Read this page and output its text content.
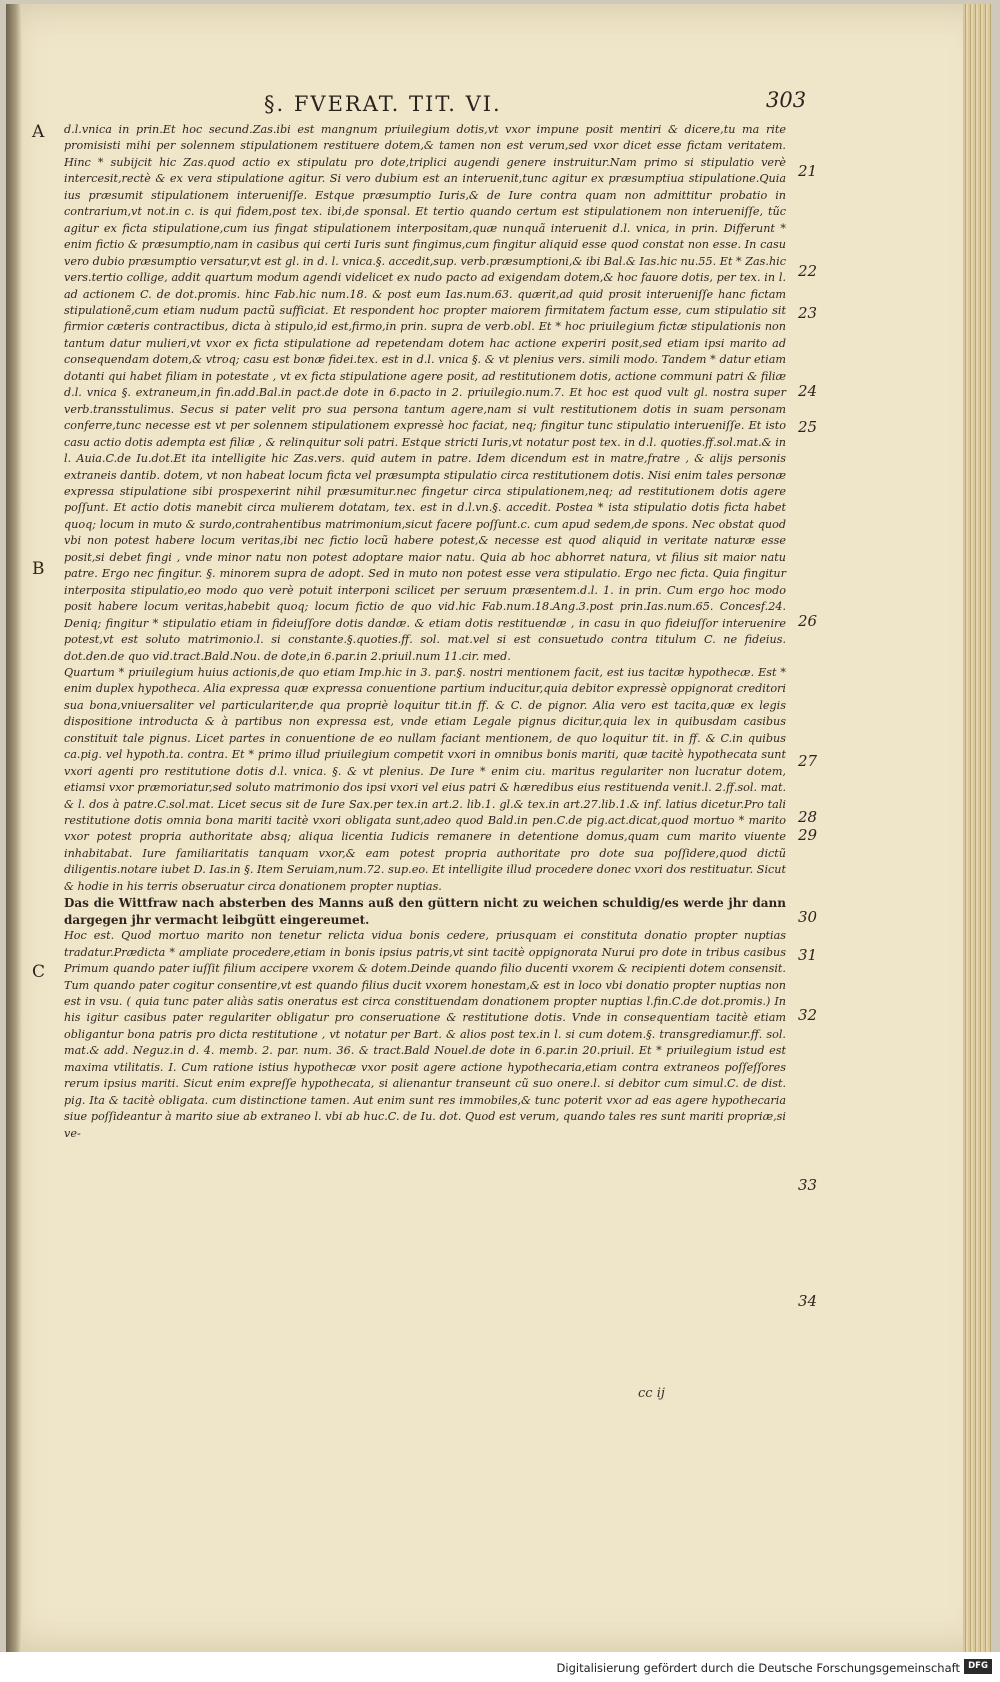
§. FVERAT. TIT. VI.	303
A
B
C
21
22
23
24
25
26
27
28
29
30
31
32
33
34

d.l.vnica in prin.Et hoc secund.Zas.ibi est mangnum priuilegium dotis,vt vxor impune posit mentiri & dicere,tu ma rite promisisti mihi per solennem stipulationem restituere dotem,& tamen non est verum,sed vxor dicet esse fictam veritatem. Hinc * subijcit hic Zas.quod actio ex stipulatu pro dote,triplici augendi genere instruitur.Nam primo si stipulatio verè intercesit,rectè & ex vera stipulatione agitur. Si vero dubium est an interuenit,tunc agitur ex præsumptiua stipulatione.Quia ius præsumit stipulationem interueniſſe. Estque præsumptio Iuris,& de Iure contra quam non admittitur probatio in contrarium,vt not.in c. is qui fidem,post tex. ibi,de sponsal. Et tertio quando certum est stipulationem non interueniſſe, tũc agitur ex ficta stipulatione,cum ius fingat stipulationem interpositam,quæ nunquã interuenit d.l. vnica, in prin. Differunt * enim fictio & præsumptio,nam in casibus qui certi Iuris sunt fingimus,cum fingitur aliquid esse quod constat non esse. In casu vero dubio præsumptio versatur,vt est gl. in d. l. vnica.§. accedit,sup. verb.præsumptioni,& ibi Bal.& Ias.hic nu.55. Et * Zas.hic vers.tertio collige, addit quartum modum agendi videlicet ex nudo pacto ad exigendam dotem,& hoc fauore dotis, per tex. in l. ad actionem C. de dot.promis. hinc Fab.hic num.18. & post eum Ias.num.63. quærit,ad quid prosit interueniſſe hanc fictam stipulationẽ,cum etiam nudum pactũ sufficiat. Et respondent hoc propter maiorem firmitatem factum esse, cum stipulatio sit firmior cæteris contractibus, dicta à stipulo,id est,firmo,in prin. supra de verb.obl. Et * hoc priuilegium fictæ stipulationis non tantum datur mulieri,vt vxor ex ficta stipulatione ad repetendam dotem hac actione experiri posit,sed etiam ipsi marito ad consequendam dotem,& vtroq; casu est bonæ fidei.tex. est in d.l. vnica §. & vt plenius vers. simili modo. Tandem * datur etiam dotanti qui habet filiam in potestate , vt ex ficta stipulatione agere posit, ad restitutionem dotis, actione communi patri & filiæ d.l. vnica §. extraneum,in fin.add.Bal.in pact.de dote in 6.pacto in 2. priuilegio.num.7. Et hoc est quod vult gl. nostra super verb.transstulimus. Secus si pater velit pro sua persona tantum agere,nam si vult restitutionem dotis in suam personam conferre,tunc necesse est vt per solennem stipulationem expressè hoc faciat, neq; fingitur tunc stipulatio interueniſſe. Et isto casu actio dotis adempta est filiæ , & relinquitur soli patri. Estque stricti Iuris,vt notatur post tex. in d.l. quoties.ff.sol.mat.& in l. Auia.C.de Iu.dot.Et ita intelligite hic Zas.vers. quid autem in patre. Idem dicendum est in matre,fratre , & alijs personis extraneis dantib. dotem, vt non habeat locum ficta vel præsumpta stipulatio circa restitutionem dotis. Nisi enim tales personæ expressa stipulatione sibi prospexerint nihil præsumitur.nec fingetur circa stipulationem,neq; ad restitutionem dotis agere poſſunt. Et actio dotis manebit circa mulierem dotatam, tex. est in d.l.vn.§. accedit. Postea * ista stipulatio dotis ficta habet quoq; locum in muto & surdo,contrahentibus matrimonium,sicut facere poſſunt.c. cum apud sedem,de spons. Nec obstat quod vbi non potest habere locum veritas,ibi nec fictio locũ habere potest,& necesse est quod aliquid in veritate naturæ esse posit,si debet fingi , vnde minor natu non potest adoptare maior natu. Quia ab hoc abhorret natura, vt filius sit maior natu patre. Ergo nec fingitur. §. minorem supra de adopt. Sed in muto non potest esse vera stipulatio. Ergo nec ficta. Quia fingitur interposita stipulatio,eo modo quo verè potuit interponi scilicet per seruum præsentem.d.l. 1. in prin. Cum ergo hoc modo posit habere locum veritas,habebit quoq; locum fictio de quo vid.hic Fab.num.18.Ang.3.post prin.Ias.num.65. Concesf.24. Deniq; fingitur * stipulatio etiam in fideiuſſore dotis dandæ. & etiam dotis restituendæ , in casu in quo fideiuſſor interuenire potest,vt est soluto matrimonio.l. si constante.§.quoties.ff. sol. mat.vel si est consuetudo contra titulum C. ne fideius. dot.den.de quo vid.tract.Bald.Nou. de dote,in 6.par.in 2.priuil.num 11.cir. med.

Quartum * priuilegium huius actionis,de quo etiam Imp.hic in 3. par.§. nostri mentionem facit, est ius tacitæ hypothecæ. Est * enim duplex hypotheca. Alia expressa quæ expressa conuentione partium inducitur,quia debitor expressè oppignorat creditori sua bona,vniuersaliter vel particulariter,de qua propriè loquitur tit.in ff. & C. de pignor. Alia vero est tacita,quæ ex legis dispositione introducta & à partibus non expressa est, vnde etiam Legale pignus dicitur,quia lex in quibusdam casibus constituit tale pignus. Licet partes in conuentione de eo nullam faciant mentionem, de quo loquitur tit. in ff. & C.in quibus ca.pig. vel hypoth.ta. contra. Et * primo illud priuilegium competit vxori in omnibus bonis mariti, quæ tacitè hypothecata sunt vxori agenti pro restitutione dotis d.l. vnica. §. & vt plenius. De Iure * enim ciu. maritus regulariter non lucratur dotem, etiamsi vxor præmoriatur,sed soluto matrimonio dos ipsi vxori vel eius patri & hæredibus eius restituenda venit.l. 2.ff.sol. mat. & l. dos à patre.C.sol.mat. Licet secus sit de Iure Sax.per tex.in art.2. lib.1. gl.& tex.in art.27.lib.1.& inf. latius dicetur.Pro tali restitutione dotis omnia bona mariti tacitè vxori obligata sunt,adeo quod Bald.in pen.C.de pig.act.dicat,quod mortuo * marito vxor potest propria authoritate absq; aliqua licentia Iudicis remanere in detentione domus,quam cum marito viuente inhabitabat. Iure familiaritatis tanquam vxor,& eam potest propria authoritate pro dote sua poſſidere,quod dictũ diligentis.notare iubet D. Ias.in §. Item Seruiam,num.72. sup.eo. Et intelligite illud procedere donec vxori dos restituatur. Sicut & hodie in his terris obseruatur circa donationem propter nuptias.

Das die Wittfraw nach absterben des Manns auß den güttern nicht zu weichen schuldig/es werde jhr dann dargegen jhr vermacht leibgütt eingereumet.

Hoc est. Quod mortuo marito non tenetur relicta vidua bonis cedere, priusquam ei constituta donatio propter nuptias tradatur.Prædicta * ampliate procedere,etiam in bonis ipsius patris,vt sint tacitè oppignorata Nurui pro dote in tribus casibus Primum quando pater iuſſit filium accipere vxorem & dotem.Deinde quando filio ducenti vxorem & recipienti dotem consensit. Tum quando pater cogitur consentire,vt est quando filius ducit vxorem honestam,& est in loco vbi donatio propter nuptias non est in vsu. ( quia tunc pater aliàs satis oneratus est circa constituendam donationem propter nuptias l.fin.C.de dot.promis.) In his igitur casibus pater regulariter obligatur pro conseruatione & restitutione dotis. Vnde in consequentiam tacitè etiam obligantur bona patris pro dicta restitutione , vt notatur per Bart. & alios post tex.in l. si cum dotem.§. transgrediamur.ff. sol. mat.& add. Neguz.in d. 4. memb. 2. par. num. 36. & tract.Bald Nouel.de dote in 6.par.in 20.priuil. Et * priuilegium istud est maxima vtilitatis. I. Cum ratione istius hypothecæ vxor posit agere actione hypothecaria,etiam contra extraneos poſſeſſores rerum ipsius mariti. Sicut enim expreſſe hypothecata, si alienantur transeunt cũ suo onere.l. si debitor cum simul.C. de dist. pig. Ita & tacitè obligata. cum distinctione tamen. Aut enim sunt res immobiles,& tunc poterit vxor ad eas agere hypothecaria siue poſſideantur à marito siue ab extraneo l. vbi ab huc.C. de Iu. dot. Quod est verum, quando tales res sunt mariti propriæ,si ve-

cc ij
Digitalisierung gefördert durch die Deutsche Forschungsgemeinschaft DFG
